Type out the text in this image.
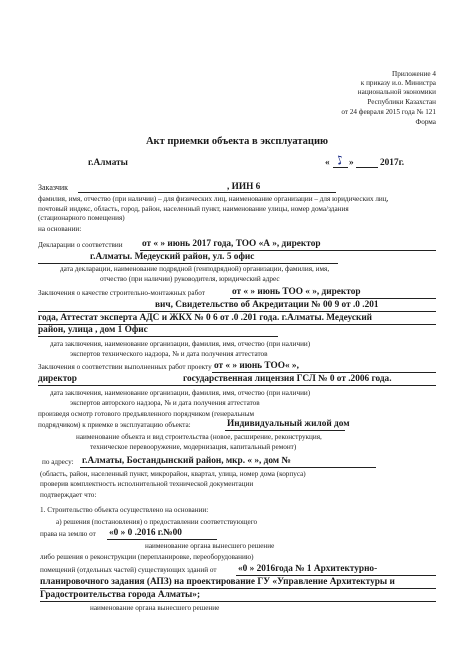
Приложение 4
к приказу и.о. Министра
национальной экономики
Республики Казахстан
от 24 февраля 2015 года № 121
Форма
Акт приемки объекта в эксплуатацию
г.Алматы	« ♪ »	2017г.
Заказчик	, ИИН 6
фамилия, имя, отчество (при наличии) – для физических лиц, наименование организации – для юридических лиц,
почтовый индекс, область, город, район, населенный пункт, наименование улицы, номер дома/здания
(стационарного помещения)
на основании:
Декларации о соответствии от « » июнь 2017 года, ТОО «А », директор
г.Алматы. Медеуский район, ул. 5 офис
дата декларации, наименование подрядной (генподрядной) организации, фамилия, имя,
отчество (при наличии) руководителя, юридический адрес
Заключения о качестве строительно-монтажных работ	от « » июнь ТОО « », директор
вич, Свидетельство об Акредитации № 00 9 от .0 .201
года, Аттестат эксперта АДС и ЖКХ № 0 6 от .0 .201 года. г.Алматы. Медеуский
район, улица , дом 1 Офис
дата заключения, наименование организации, фамилия, имя, отчество (при наличии)
экспертов технического надзора, № и дата получения аттестатов
Заключения о соответствии выполненных работ проекту от « » июнь ТОО« »,
директор	государственная лицензия ГСЛ № 0 от .2006 года.
дата заключения, наименование организации, фамилия, имя, отчество (при наличии)
экспертов авторского надзора, № и дата получения аттестатов
произведя осмотр готового предъявленного порядчиком (генеральным
подрядчиком) к приемке в эксплуатацию объекта:	Индивидуальный жилой дом
наименование объекта и вид строительства (новое, расширение, реконструкция,
техническое перевооружение, модернизация, капитальный ремонт)
по адресу: г.Алматы, Бостандынский район, мкр. « », дом №
(область, район, населенный пункт, микрорайон, квартал, улица, номер дома (корпуса)
проверив комплектность исполнительной технической документации
подтверждает что:
1. Строительство объекта осуществлено на основании:
а) решения (постановления) о предоставлении соответствующего
права на землю от «0 » 0 .2016 г.№00
наименование органа вынесшего решение
либо решения о реконструкции (перепланировке, переоборудованию)
помещений (отдельных частей) существующих зданий от «0 » 2016года № 1 Архитектурно-
планировочного задания (АПЗ) на проектирование ГУ «Управление Архитектуры и
Градостроительства города Алматы»;
наименование органа вынесшего решение
